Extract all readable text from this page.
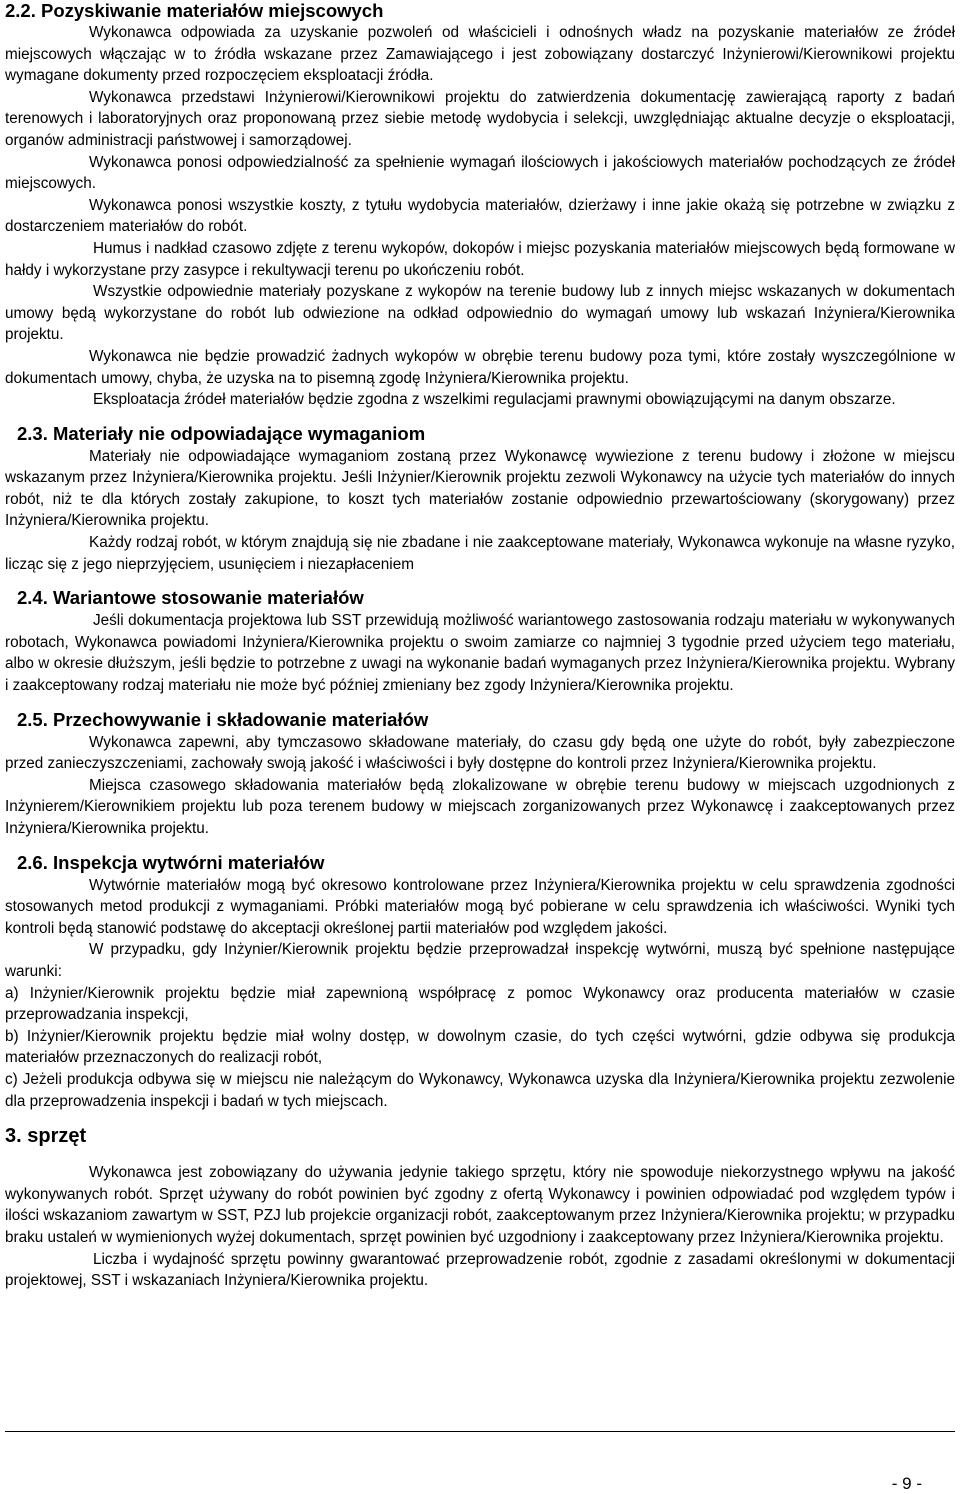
2.2. Pozyskiwanie materiałów miejscowych

Wykonawca odpowiada za uzyskanie pozwoleń od właścicieli i odnośnych władz na pozyskanie materiałów ze źródeł miejscowych włączając w to źródła wskazane przez Zamawiającego i jest zobowiązany dostarczyć Inżynierowi/Kierownikowi projektu wymagane dokumenty przed rozpoczęciem eksploatacji źródła.

Wykonawca przedstawi Inżynierowi/Kierownikowi projektu do zatwierdzenia dokumentację zawierającą raporty z badań terenowych i laboratoryjnych oraz proponowaną przez siebie metodę wydobycia i selekcji, uwzględniając aktualne decyzje o eksploatacji, organów administracji państwowej i samorządowej.

Wykonawca ponosi odpowiedzialność za spełnienie wymagań ilościowych i jakościowych materiałów pochodzących ze źródeł miejscowych.

Wykonawca ponosi wszystkie koszty, z tytułu wydobycia materiałów, dzierżawy i inne jakie okażą się potrzebne w związku z dostarczeniem materiałów do robót.

Humus i nadkład czasowo zdjęte z terenu wykopów, dokopów i miejsc pozyskania materiałów miejscowych będą formowane w hałdy i wykorzystane przy zasypce i rekultywacji terenu po ukończeniu robót.

Wszystkie odpowiednie materiały pozyskane z wykopów na terenie budowy lub z innych miejsc wskazanych w dokumentach umowy będą wykorzystane do robót lub odwiezione na odkład odpowiednio do wymagań umowy lub wskazań Inżyniera/Kierownika projektu.

Wykonawca nie będzie prowadzić żadnych wykopów w obrębie terenu budowy poza tymi, które zostały wyszczególnione w dokumentach umowy, chyba, że uzyska na to pisemną zgodę Inżyniera/Kierownika projektu.

Eksploatacja źródeł materiałów będzie zgodna z wszelkimi regulacjami prawnymi obowiązującymi na danym obszarze.

2.3. Materiały nie odpowiadające wymaganiom

Materiały nie odpowiadające wymaganiom zostaną przez Wykonawcę wywiezione z terenu budowy i złożone w miejscu wskazanym przez Inżyniera/Kierownika projektu. Jeśli Inżynier/Kierownik projektu zezwoli Wykonawcy na użycie tych materiałów do innych robót, niż te dla których zostały zakupione, to koszt tych materiałów zostanie odpowiednio przewartościowany (skorygowany) przez Inżyniera/Kierownika projektu.

Każdy rodzaj robót, w którym znajdują się nie zbadane i nie zaakceptowane materiały, Wykonawca wykonuje na własne ryzyko, licząc się z jego nieprzyjęciem, usunięciem i niezapłaceniem

2.4. Wariantowe stosowanie materiałów

Jeśli dokumentacja projektowa lub SST przewidują możliwość wariantowego zastosowania rodzaju materiału w wykonywanych robotach, Wykonawca powiadomi Inżyniera/Kierownika projektu o swoim zamiarze co najmniej 3 tygodnie przed użyciem tego materiału, albo w okresie dłuższym, jeśli będzie to potrzebne z uwagi na wykonanie badań wymaganych przez Inżyniera/Kierownika projektu. Wybrany i zaakceptowany rodzaj materiału nie może być później zmieniany bez zgody Inżyniera/Kierownika projektu.

2.5. Przechowywanie i składowanie materiałów

Wykonawca zapewni, aby tymczasowo składowane materiały, do czasu gdy będą one użyte do robót, były zabezpieczone przed zanieczyszczeniami, zachowały swoją jakość i właściwości i były dostępne do kontroli przez Inżyniera/Kierownika projektu.

Miejsca czasowego składowania materiałów będą zlokalizowane w obrębie terenu budowy w miejscach uzgodnionych z Inżynierem/Kierownikiem projektu lub poza terenem budowy w miejscach zorganizowanych przez Wykonawcę i zaakceptowanych przez Inżyniera/Kierownika projektu.

2.6. Inspekcja wytwórni materiałów

Wytwórnie materiałów mogą być okresowo kontrolowane przez Inżyniera/Kierownika projektu w celu sprawdzenia zgodności stosowanych metod produkcji z wymaganiami. Próbki materiałów mogą być pobierane w celu sprawdzenia ich właściwości. Wyniki tych kontroli będą stanowić podstawę do akceptacji określonej partii materiałów pod względem jakości.

W przypadku, gdy Inżynier/Kierownik projektu będzie przeprowadzał inspekcję wytwórni, muszą być spełnione następujące warunki:

a) Inżynier/Kierownik projektu będzie miał zapewnioną współpracę z pomoc Wykonawcy oraz producenta materiałów w czasie przeprowadzania inspekcji,

b) Inżynier/Kierownik projektu będzie miał wolny dostęp, w dowolnym czasie, do tych części wytwórni, gdzie odbywa się produkcja materiałów przeznaczonych do realizacji robót,

c) Jeżeli produkcja odbywa się w miejscu nie należącym do Wykonawcy, Wykonawca uzyska dla Inżyniera/Kierownika projektu zezwolenie dla przeprowadzenia inspekcji i badań w tych miejscach.

3. sprzęt

Wykonawca jest zobowiązany do używania jedynie takiego sprzętu, który nie spowoduje niekorzystnego wpływu na jakość wykonywanych robót. Sprzęt używany do robót powinien być zgodny z ofertą Wykonawcy i powinien odpowiadać pod względem typów i ilości wskazaniom zawartym w SST, PZJ lub projekcie organizacji robót, zaakceptowanym przez Inżyniera/Kierownika projektu; w przypadku braku ustaleń w wymienionych wyżej dokumentach, sprzęt powinien być uzgodniony i zaakceptowany przez Inżyniera/Kierownika projektu.

Liczba i wydajność sprzętu powinny gwarantować przeprowadzenie robót, zgodnie z zasadami określonymi w dokumentacji projektowej, SST i wskazaniach Inżyniera/Kierownika projektu.

- 9 -
